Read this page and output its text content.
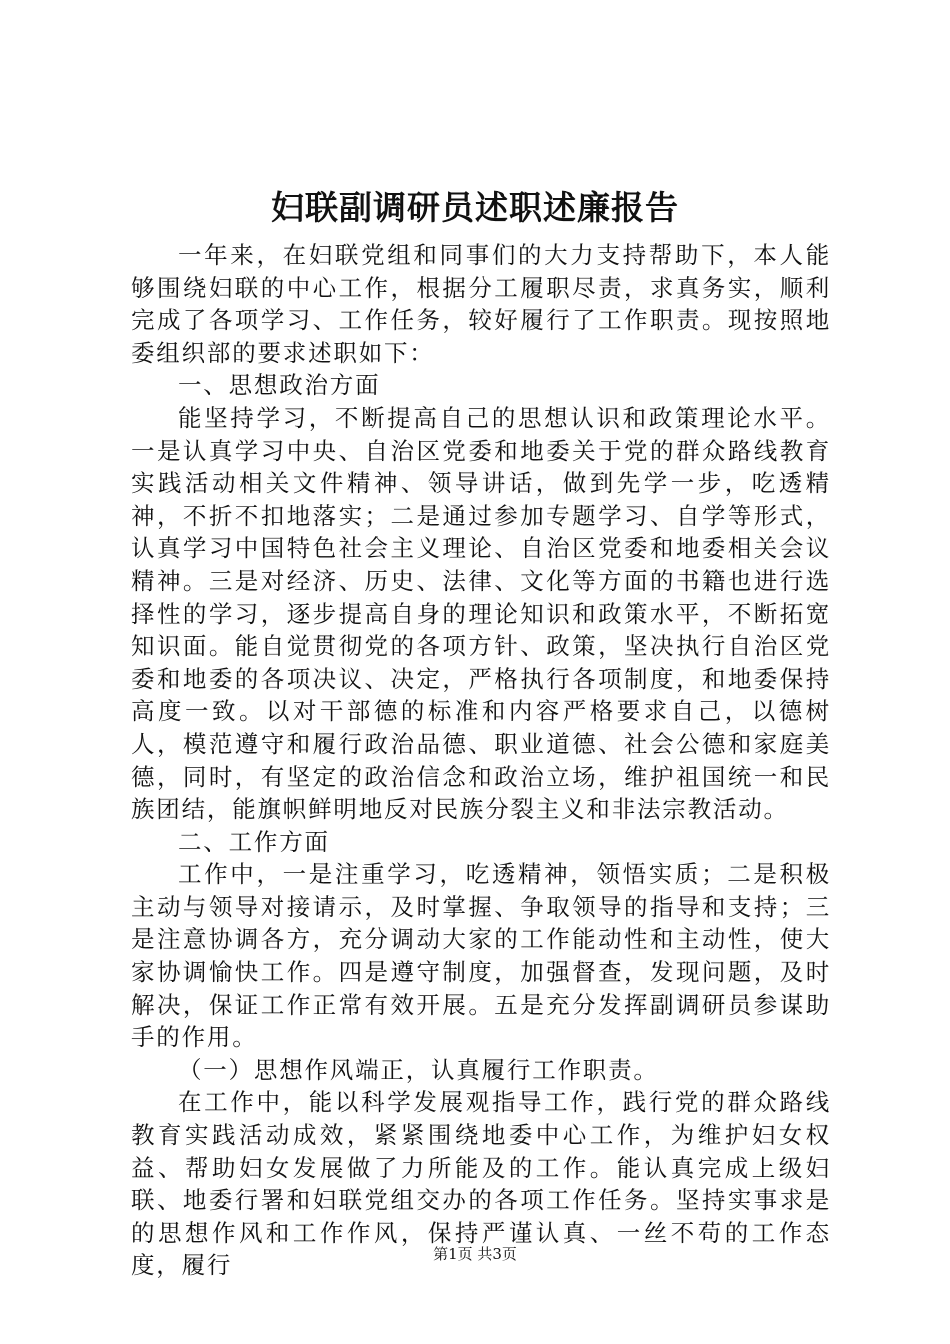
妇联副调研员述职述廉报告

一年来，在妇联党组和同事们的大力支持帮助下，本人能够围绕妇联的中心工作，根据分工履职尽责，求真务实，顺利完成了各项学习、工作任务，较好履行了工作职责。现按照地委组织部的要求述职如下：

一、思想政治方面

能坚持学习，不断提高自己的思想认识和政策理论水平。一是认真学习中央、自治区党委和地委关于党的群众路线教育实践活动相关文件精神、领导讲话，做到先学一步，吃透精神，不折不扣地落实；二是通过参加专题学习、自学等形式，认真学习中国特色社会主义理论、自治区党委和地委相关会议精神。三是对经济、历史、法律、文化等方面的书籍也进行选择性的学习，逐步提高自身的理论知识和政策水平，不断拓宽知识面。能自觉贯彻党的各项方针、政策，坚决执行自治区党委和地委的各项决议、决定，严格执行各项制度，和地委保持高度一致。以对干部德的标准和内容严格要求自己，以德树人，模范遵守和履行政治品德、职业道德、社会公德和家庭美德，同时，有坚定的政治信念和政治立场，维护祖国统一和民族团结，能旗帜鲜明地反对民族分裂主义和非法宗教活动。

二、工作方面

工作中，一是注重学习，吃透精神，领悟实质；二是积极主动与领导对接请示，及时掌握、争取领导的指导和支持；三是注意协调各方，充分调动大家的工作能动性和主动性，使大家协调愉快工作。四是遵守制度，加强督查，发现问题，及时解决，保证工作正常有效开展。五是充分发挥副调研员参谋助手的作用。

（一）思想作风端正，认真履行工作职责。

在工作中，能以科学发展观指导工作，践行党的群众路线教育实践活动成效，紧紧围绕地委中心工作，为维护妇女权益、帮助妇女发展做了力所能及的工作。能认真完成上级妇联、地委行署和妇联党组交办的各项工作任务。坚持实事求是的思想作风和工作作风，保持严谨认真、一丝不苟的工作态度，履行	第1页 共3页
